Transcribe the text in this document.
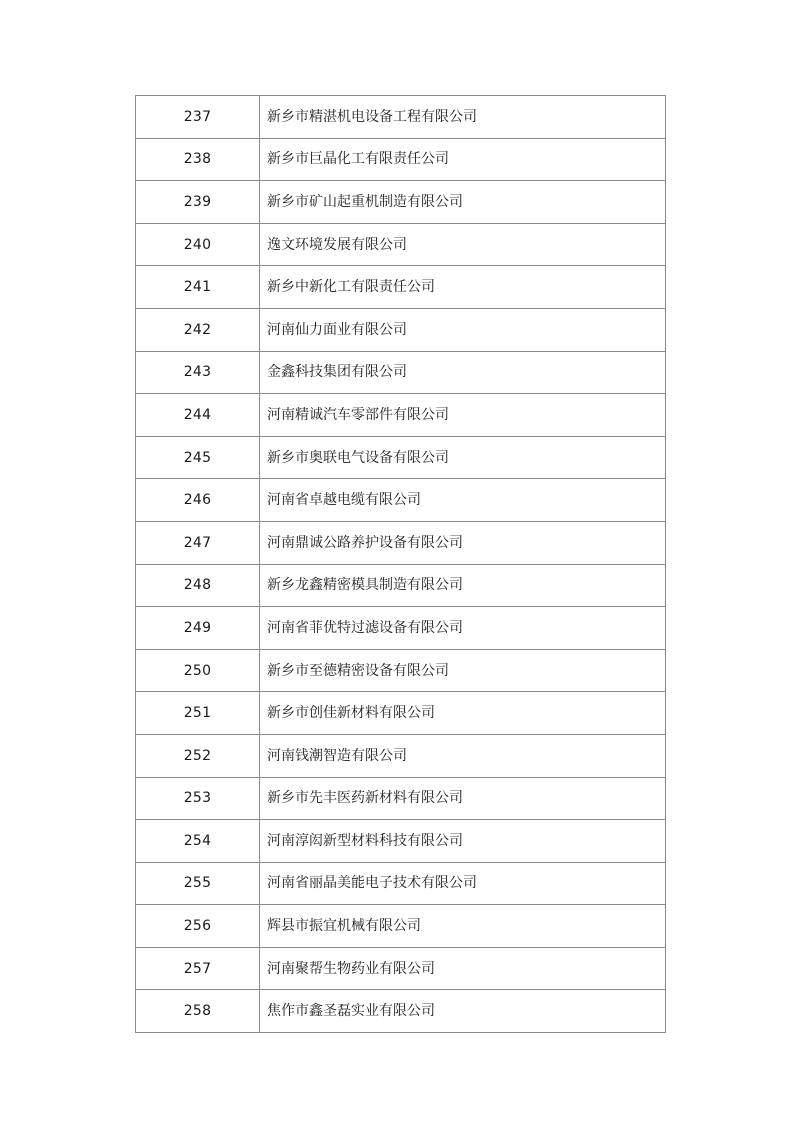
237	新乡市精湛机电设备工程有限公司
238	新乡市巨晶化工有限责任公司
239	新乡市矿山起重机制造有限公司
240	逸文环境发展有限公司
241	新乡中新化工有限责任公司
242	河南仙力面业有限公司
243	金鑫科技集团有限公司
244	河南精诚汽车零部件有限公司
245	新乡市奥联电气设备有限公司
246	河南省卓越电缆有限公司
247	河南鼎诚公路养护设备有限公司
248	新乡龙鑫精密模具制造有限公司
249	河南省菲优特过滤设备有限公司
250	新乡市至德精密设备有限公司
251	新乡市创佳新材料有限公司
252	河南钱潮智造有限公司
253	新乡市先丰医药新材料有限公司
254	河南淳闳新型材料科技有限公司
255	河南省丽晶美能电子技术有限公司
256	辉县市振宜机械有限公司
257	河南聚帮生物药业有限公司
258	焦作市鑫圣磊实业有限公司
